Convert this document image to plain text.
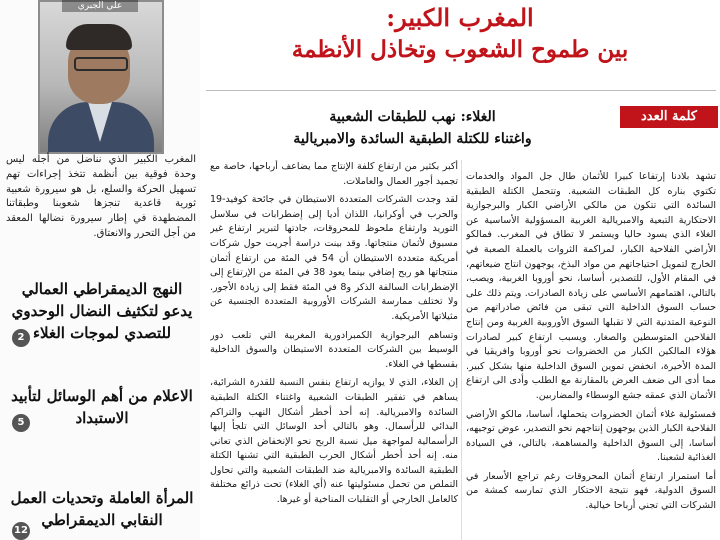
علي الجبري
المغرب الكبير الذي نناضل من أجله ليس وحدة فوقية بين أنظمة تتخذ إجراءات تهم تسهيل الحركة والسلع، بل هو سيرورة شعبية ثورية قاعدية تنجزها شعوبنا وطبقاتنا المضطهدة في إطار سيرورة نضالها المعقد من أجل التحرر والانعتاق.
النهج الديمقراطي العمالي يدعو لتكثيف النضال الوحدوي للتصدي لموجات الغلاء
2
الاعلام من أهم الوسائل لتأبيد الاستبداد
5
المرأة العاملة وتحديات العمل النقابي الديمقراطي
12
المغرب الكبير:
بين طموح الشعوب وتخاذل الأنظمة
كلمة العدد
الغلاء: نهب للطبقات الشعبية
واغتناء للكتلة الطبقية السائدة والامبريالية

تشهد بلادنا إرتفاعا كبيرا للأثمان طال جل المواد والخدمات تكتوي بناره كل الطبقات الشعبية. وتتحمل الكتلة الطبقية السائدة التي تتكون من مالكي الأراضي الكبار والبرجوازية الاحتكارية التبعية والامبريالية الغربية المسؤولية الأساسية عن الغلاء الذي يسود حاليا ويستمر لا تطاق في المغرب. فمالكو الأراضي الفلاحية الكبار، لمراكمة الثروات بالعملة الصعبة في الخارج لتمويل احتياجاتهم من مواد البذخ، يوجهون انتاج ضيعاتهم، في المقام الأول، للتصدير، أساسا، نحو أوروبا الغربية، ويصب، بالتالي، اهتمامهم الأساسي على زيادة الصادرات. ويتم ذلك على حساب السوق الداخلية التي تبقى من فائض صادراتهم من النوعية المتدنية التي لا تقبلها السوق الأوروبية الغربية ومن إنتاج الفلاحين المتوسطين والصغار. ويسبب ارتفاع كبير لصادرات هؤلاء المالكين الكبار من الخضروات نحو أوروبا وافريقيا في المدة الأخيرة، انخفض تموين السوق الداخلية منها بشكل كبير. مما أدى الى ضعف العرض بالمقارنة مع الطلب وأدى الى ارتفاع الأثمان الذي عمقه جشع الوسطاء والمضاربين.

فمسئولية غلاء أثمان الخضروات يتحملها، أساسا، مالكو الأراضي الفلاحية الكبار الذين يوجهون إنتاجهم نحو التصدير، عوض توجيهه، أساسا، إلى السوق الداخلية والمساهمة، بالتالي، في السيادة الغذائية لشعبنا.

أما استمرار ارتفاع أثمان المحروقات رغم تراجع الأسعار في السوق الدولية، فهو نتيجة الاحتكار الذي تمارسه كمشة من الشركات التي تجني أرباحا خيالية.

أكبر بكثير من ارتفاع كلفة الإنتاج مما يضاعف أرباحها، خاصة مع تجميد أجور العمال والعاملات.

لقد وجدت الشركات المتعددة الاستيطان في جائحة كوفيد-19 والحرب في أوكرانيا، اللذان أديا إلى إضطرابات في سلاسل التوريد وارتفاع ملحوظ للمحروقات، جادتها لتبرير ارتفاع غير مسبوق لأثمان منتجاتها. وقد بينت دراسة أجريت حول شركات أمريكية متعددة الاستيطان أن 54 في المئة من ارتفاع أثمان منتجاتها هو ربح إضافي بينما يعود 38 في المئة من الإرتفاع إلى الإضطرابات السالفة الذكر و8 في المئة فقط إلى زيادة الأجور. ولا تختلف ممارسة الشركات الأوروبية المتعددة الجنسية عن مثيلاتها الأمريكية.

وتساهم البرجوازية الكمبرادورية المغربية التي تلعب دور الوسيط بين الشركات المتعددة الاستيطان والسوق الداخلية بقسطها في الغلاء.

إن الغلاء، الذي لا يوازيه ارتفاع بنفس النسبة للقدرة الشرائية، يساهم في تفقير الطبقات الشعبية واغتناء الكتلة الطبقية السائدة والامبريالية. إنه أحد أخطر أشكال النهب والتراكم البدائي للرأسمال. وهو بالتالي أحد الوسائل التي تلجأ إليها الرأسمالية لمواجهة ميل نسبة الربح نحو الإنخفاض الذي تعاني منه. إنه أحد أخطر أشكال الحرب الطبقية التي تشنها الكتلة الطبقية السائدة والامبريالية ضد الطبقات الشعبية والتي تحاول التملص من تحمل مسئوليتها عنه (أي الغلاء) تحت ذرائع مختلفة كالعامل الخارجي أو التقلبات المناخية أو غيرها.
